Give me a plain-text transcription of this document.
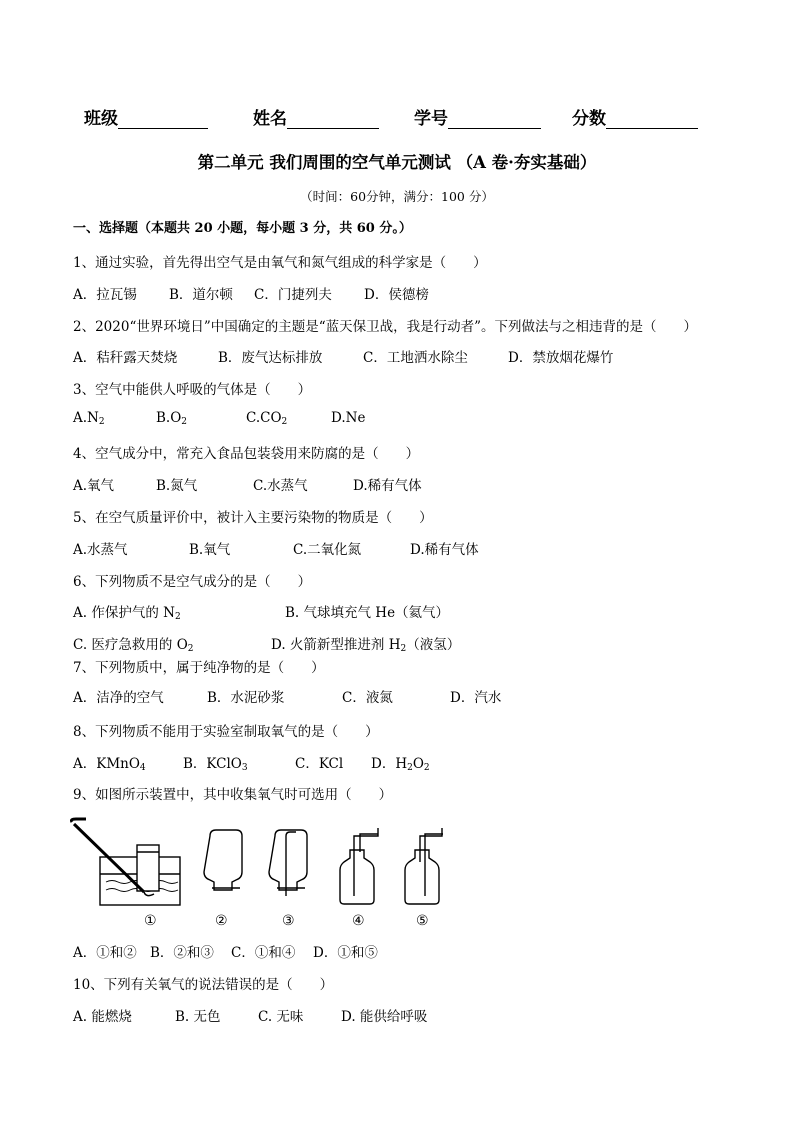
班级	姓名	学号	分数
第二单元 我们周围的空气单元测试 （A 卷·夯实基础）
（时间：60分钟，满分：100 分）
一、选择题（本题共 20 小题，每小题 3 分，共 60 分。）
1、通过实验，首先得出空气是由氧气和氮气组成的科学家是（　　）
A．拉瓦锡 B．道尔顿 C．门捷列夫 D．侯德榜
2、2020“世界环境日”中国确定的主题是“蓝天保卫战，我是行动者”。下列做法与之相违背的是（　　）
A．秸秆露天焚烧	B．废气达标排放	C．工地洒水除尘	D．禁放烟花爆竹
3、空气中能供人呼吸的气体是（　　）
$A.N_2$	$B.O_2$	$C.CO_2$	D.Ne
4、空气成分中，常充入食品包装袋用来防腐的是（　　）
A.氧气	B.氮气	C.水蒸气	D.稀有气体
5、在空气质量评价中，被计入主要污染物的物质是（　　）
A.水蒸气	B.氧气	C.二氧化氮	D.稀有气体
6、下列物质不是空气成分的是（　　）
A. 作保护气的 $N_2$	B. 气球填充气 He（氦气）
C. 医疗急救用的 $O_2$	D. 火箭新型推进剂 $H_2$（液氢）
7、下列物质中，属于纯净物的是（　　）
A．洁净的空气	B．水泥砂浆	C．液氮	D．汽水
8、下列物质不能用于实验室制取氧气的是（　　）
A．KMnO$_4$	B．KClO$_3$	C．KCl D．$H_2O_2$
9、如图所示装置中，其中收集氧气时可选用（　　）
①	②	③	④	⑤
A．①和② B．②和③ C．①和④ D．①和⑤
10、下列有关氧气的说法错误的是（　　）
A. 能燃烧	B. 无色	C. 无味	D. 能供给呼吸
